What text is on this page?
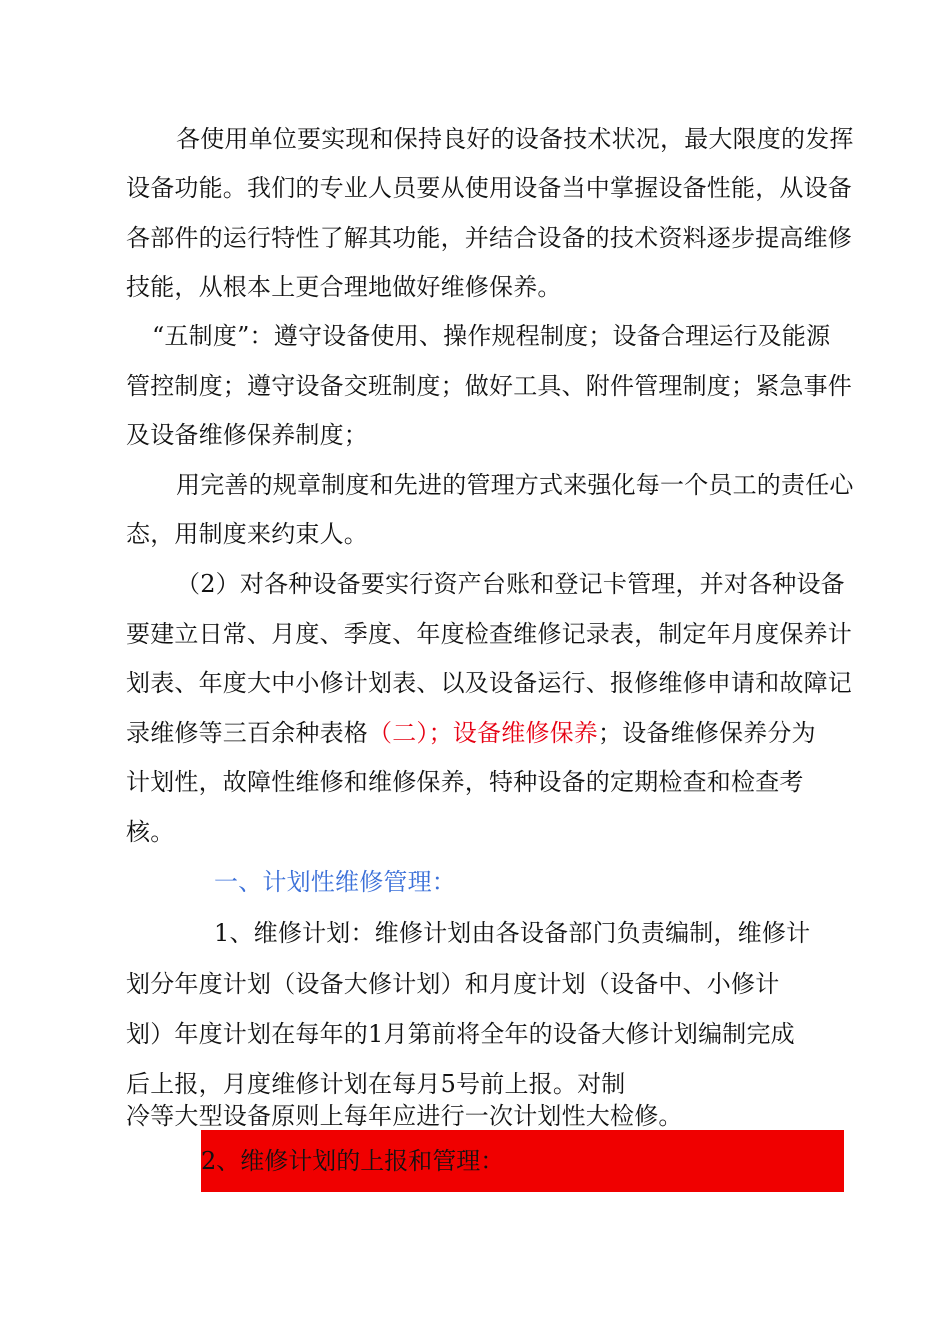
各使用单位要实现和保持良好的设备技术状况，最大限度的发挥
设备功能。我们的专业人员要从使用设备当中掌握设备性能，从设备
各部件的运行特性了解其功能，并结合设备的技术资料逐步提高维修
技能，从根本上更合理地做好维修保养。
“五制度”：遵守设备使用、操作规程制度；设备合理运行及能源
管控制度；遵守设备交班制度；做好工具、附件管理制度；紧急事件
及设备维修保养制度；
用完善的规章制度和先进的管理方式来强化每一个员工的责任心
态，用制度来约束人。
（2）对各种设备要实行资产台账和登记卡管理，并对各种设备
要建立日常、月度、季度、年度检查维修记录表，制定年月度保养计
划表、年度大中小修计划表、以及设备运行、报修维修申请和故障记
录维修等三百余种表格（二）；设备维修保养；设备维修保养分为
计划性，故障性维修和维修保养，特种设备的定期检查和检查考
核。
一、计划性维修管理：
1、维修计划：维修计划由各设备部门负责编制，维修计
划分年度计划（设备大修计划）和月度计划（设备中、小修计
划）年度计划在每年的1月第前将全年的设备大修计划编制完成
后上报，月度维修计划在每月5号前上报。对制
冷等大型设备原则上每年应进行一次计划性大检修。
2、维修计划的上报和管理：
